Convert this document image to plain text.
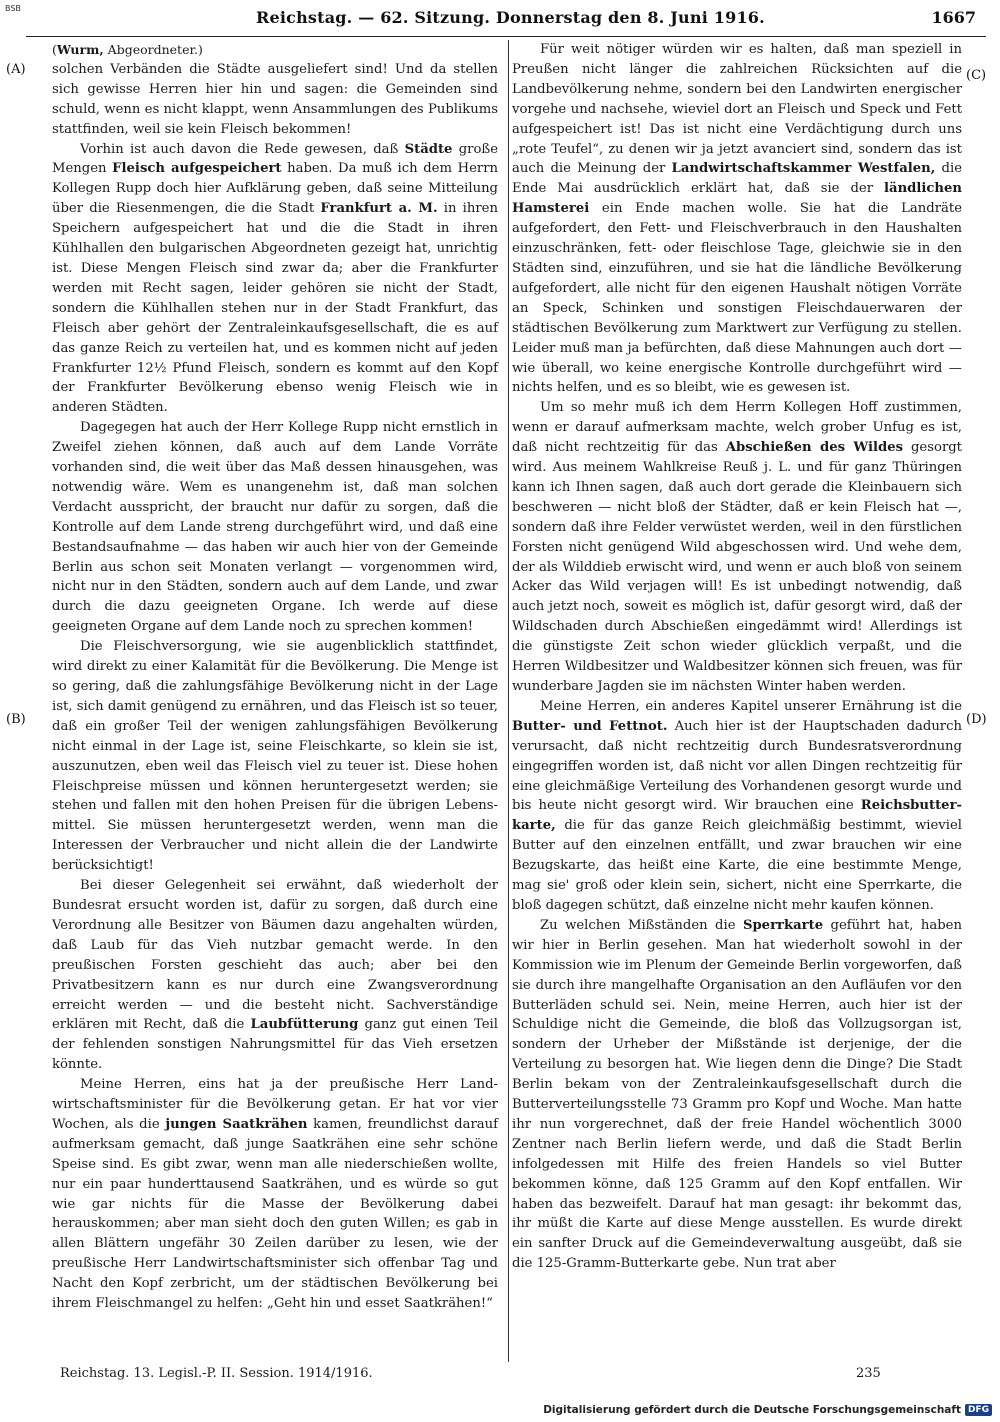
BSB	Reichstag. — 62. Sitzung. Donnerstag den 8. Juni 1916.	1667
(A)
(B)
(C)
(D)

(Wurm, Abgeordneter.)

solchen Verbänden die Städte ausgeliefert sind! Und da stellen sich gewisse Herren hier hin und sagen: die Gemeinden sind schuld, wenn es nicht klappt, wenn Ansammlungen des Publikums stattfinden, weil sie kein Fleisch bekommen!

Vorhin ist auch davon die Rede gewesen, daß Städte große Mengen Fleisch aufgespeichert haben. Da muß ich dem Herrn Kollegen Rupp doch hier Aufklärung geben, daß seine Mitteilung über die Riesenmengen, die die Stadt Frankfurt a. M. in ihren Speichern aufgespeichert hat und die die Stadt in ihren Kühlhallen den bulgarischen Abgeordneten gezeigt hat, unrichtig ist. Diese Mengen Fleisch sind zwar da; aber die Frankfurter werden mit Recht sagen, leider gehören sie nicht der Stadt, sondern die Kühlhallen stehen nur in der Stadt Frankfurt, das Fleisch aber gehört der Zentraleinkaufsgesellschaft, die es auf das ganze Reich zu verteilen hat, und es kommen nicht auf jeden Frankfurter 12½ Pfund Fleisch, sondern es kommt auf den Kopf der Frankfurter Bevölkerung ebenso wenig Fleisch wie in anderen Städten.

Dagegegen hat auch der Herr Kollege Rupp nicht ernstlich in Zweifel ziehen können, daß auch auf dem Lande Vorräte vorhanden sind, die weit über das Maß dessen hinausgehen, was notwendig wäre. Wem es unangenehm ist, daß man solchen Verdacht ausspricht, der braucht nur dafür zu sorgen, daß die Kontrolle auf dem Lande streng durchgeführt wird, und daß eine Bestandsaufnahme — das haben wir auch hier von der Gemeinde Berlin aus schon seit Monaten verlangt — vorgenommen wird, nicht nur in den Städten, sondern auch auf dem Lande, und zwar durch die dazu geeigneten Organe. Ich werde auf diese geeigneten Organe auf dem Lande noch zu sprechen kommen!

Die Fleischversorgung, wie sie augenblicklich stattfindet, wird direkt zu einer Kalamität für die Bevölkerung. Die Menge ist so gering, daß die zahlungsfähige Bevölkerung nicht in der Lage ist, sich damit genügend zu ernähren, und das Fleisch ist so teuer, daß ein großer Teil der wenigen zahlungsfähigen Bevölkerung nicht einmal in der Lage ist, seine Fleischkarte, so klein sie ist, auszunutzen, eben weil das Fleisch viel zu teuer ist. Diese hohen Fleischpreise müssen und können heruntergesetzt werden; sie stehen und fallen mit den hohen Preisen für die übrigen Lebensmittel. Sie müssen heruntergesetzt werden, wenn man die Interessen der Verbraucher und nicht allein die der Landwirte berücksichtigt!

Bei dieser Gelegenheit sei erwähnt, daß wiederholt der Bundesrat ersucht worden ist, dafür zu sorgen, daß durch eine Verordnung alle Besitzer von Bäumen dazu angehalten würden, daß Laub für das Vieh nutzbar gemacht werde. In den preußischen Forsten geschieht das auch; aber bei den Privatbesitzern kann es nur durch eine Zwangsverordnung erreicht werden — und die besteht nicht. Sachverständige erklären mit Recht, daß die Laubfütterung ganz gut einen Teil der fehlenden sonstigen Nahrungsmittel für das Vieh ersetzen könnte.

Meine Herren, eins hat ja der preußische Herr Landwirtschaftsminister für die Bevölkerung getan. Er hat vor vier Wochen, als die jungen Saatkrähen kamen, freundlichst darauf aufmerksam gemacht, daß junge Saatkrähen eine sehr schöne Speise sind. Es gibt zwar, wenn man alle niederschießen wollte, nur ein paar hunderttausend Saatkrähen, und es würde so gut wie gar nichts für die Masse der Bevölkerung dabei herauskommen; aber man sieht doch den guten Willen; es gab in allen Blättern ungefähr 30 Zeilen darüber zu lesen, wie der preußische Herr Landwirtschaftsminister sich offenbar Tag und Nacht den Kopf zerbricht, um der städtischen Bevölkerung bei ihrem Fleischmangel zu helfen: „Geht hin und esset Saatkrähen!“

Für weit nötiger würden wir es halten, daß man speziell in Preußen nicht länger die zahlreichen Rücksichten auf die Landbevölkerung nehme, sondern bei den Landwirten energischer vorgehe und nachsehe, wieviel dort an Fleisch und Speck und Fett aufgespeichert ist! Das ist nicht eine Verdächtigung durch uns „rote Teufel“, zu denen wir ja jetzt avanciert sind, sondern das ist auch die Meinung der Landwirtschaftskammer Westfalen, die Ende Mai ausdrücklich erklärt hat, daß sie der ländlichen Hamsterei ein Ende machen wolle. Sie hat die Landräte aufgefordert, den Fett- und Fleischverbrauch in den Haushalten einzuschränken, fett- oder fleischlose Tage, gleichwie sie in den Städten sind, einzuführen, und sie hat die ländliche Bevölkerung aufgefordert, alle nicht für den eigenen Haushalt nötigen Vorräte an Speck, Schinken und sonstigen Fleischdauerwaren der städtischen Bevölkerung zum Marktwert zur Verfügung zu stellen. Leider muß man ja befürchten, daß diese Mahnungen auch dort — wie überall, wo keine energische Kontrolle durchgeführt wird — nichts helfen, und es so bleibt, wie es gewesen ist.

Um so mehr muß ich dem Herrn Kollegen Hoff zustimmen, wenn er darauf aufmerksam machte, welch grober Unfug es ist, daß nicht rechtzeitig für das Abschießen des Wildes gesorgt wird. Aus meinem Wahlkreise Reuß j. L. und für ganz Thüringen kann ich Ihnen sagen, daß auch dort gerade die Kleinbauern sich beschweren — nicht bloß der Städter, daß er kein Fleisch hat —, sondern daß ihre Felder verwüstet werden, weil in den fürstlichen Forsten nicht genügend Wild abgeschossen wird. Und wehe dem, der als Wilddieb erwischt wird, und wenn er auch bloß von seinem Acker das Wild verjagen will! Es ist unbedingt notwendig, daß auch jetzt noch, soweit es möglich ist, dafür gesorgt wird, daß der Wildschaden durch Abschießen eingedämmt wird! Allerdings ist die günstigste Zeit schon wieder glücklich verpaßt, und die Herren Wildbesitzer und Waldbesitzer können sich freuen, was für wunderbare Jagden sie im nächsten Winter haben werden.

Meine Herren, ein anderes Kapitel unserer Ernährung ist die Butter- und Fettnot. Auch hier ist der Hauptschaden dadurch verursacht, daß nicht rechtzeitig durch Bundesratsverordnung eingegriffen worden ist, daß nicht vor allen Dingen rechtzeitig für eine gleichmäßige Verteilung des Vorhandenen gesorgt wurde und bis heute nicht gesorgt wird. Wir brauchen eine Reichsbutterkarte, die für das ganze Reich gleichmäßig bestimmt, wieviel Butter auf den einzelnen entfällt, und zwar brauchen wir eine Bezugskarte, das heißt eine Karte, die eine bestimmte Menge, mag sie' groß oder klein sein, sichert, nicht eine Sperrkarte, die bloß dagegen schützt, daß einzelne nicht mehr kaufen können.

Zu welchen Mißständen die Sperrkarte geführt hat, haben wir hier in Berlin gesehen. Man hat wiederholt sowohl in der Kommission wie im Plenum der Gemeinde Berlin vorgeworfen, daß sie durch ihre mangelhafte Organisation an den Aufläufen vor den Butterläden schuld sei. Nein, meine Herren, auch hier ist der Schuldige nicht die Gemeinde, die bloß das Vollzugsorgan ist, sondern der Urheber der Mißstände ist derjenige, der die Verteilung zu besorgen hat. Wie liegen denn die Dinge? Die Stadt Berlin bekam von der Zentraleinkaufsgesellschaft durch die Butterverteilungsstelle 73 Gramm pro Kopf und Woche. Man hatte ihr nun vorgerechnet, daß der freie Handel wöchentlich 3000 Zentner nach Berlin liefern werde, und daß die Stadt Berlin infolgedessen mit Hilfe des freien Handels so viel Butter bekommen könne, daß 125 Gramm auf den Kopf entfallen. Wir haben das bezweifelt. Darauf hat man gesagt: ihr bekommt das, ihr müßt die Karte auf diese Menge ausstellen. Es wurde direkt ein sanfter Druck auf die Gemeindeverwaltung ausgeübt, daß sie die 125-Gramm-Butterkarte gebe. Nun trat aber

Reichstag. 13. Legisl.-P. II. Session. 1914/1916.	235
Digitalisierung gefördert durch die Deutsche Forschungsgemeinschaft DFG
